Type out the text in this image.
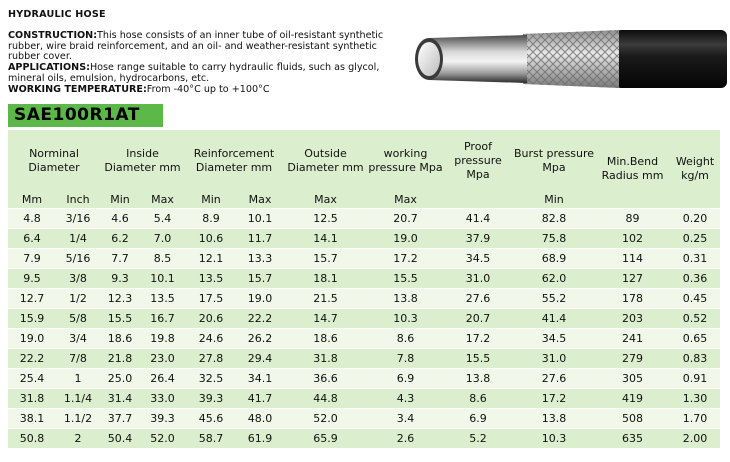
HYDRAULIC HOSE

CONSTRUCTION:This hose consists of an inner tube of oil-resistant synthetic rubber, wire braid reinforcement, and an oil- and weather-resistant synthetic rubber cover.

APPLICATIONS:Hose range suitable to carry hydraulic fluids, such as glycol, mineral oils, emulsion, hydrocarbons, etc.

WORKING TEMPERATURE:From -40°C up to +100°C

SAE100R1AT
Norminal Diameter		Inside Diameter mm		Reinforcement Diameter mm		Outside Diameter mm	working pressure Mpa	Proof pressure Mpa	Burst pressure Mpa	Min.Bend Radius mm	Weight kg/m
Mm	Inch	Min	Max	Min	Max	Max	Max		Min		
4.8	3/16	4.6	5.4	8.9	10.1	12.5	20.7	41.4	82.8	89	0.20
6.4	1/4	6.2	7.0	10.6	11.7	14.1	19.0	37.9	75.8	102	0.25
7.9	5/16	7.7	8.5	12.1	13.3	15.7	17.2	34.5	68.9	114	0.31
9.5	3/8	9.3	10.1	13.5	15.7	18.1	15.5	31.0	62.0	127	0.36
12.7	1/2	12.3	13.5	17.5	19.0	21.5	13.8	27.6	55.2	178	0.45
15.9	5/8	15.5	16.7	20.6	22.2	14.7	10.3	20.7	41.4	203	0.52
19.0	3/4	18.6	19.8	24.6	26.2	18.6	8.6	17.2	34.5	241	0.65
22.2	7/8	21.8	23.0	27.8	29.4	31.8	7.8	15.5	31.0	279	0.83
25.4	1	25.0	26.4	32.5	34.1	36.6	6.9	13.8	27.6	305	0.91
31.8	1.1/4	31.4	33.0	39.3	41.7	44.8	4.3	8.6	17.2	419	1.30
38.1	1.1/2	37.7	39.3	45.6	48.0	52.0	3.4	6.9	13.8	508	1.70
50.8	2	50.4	52.0	58.7	61.9	65.9	2.6	5.2	10.3	635	2.00
